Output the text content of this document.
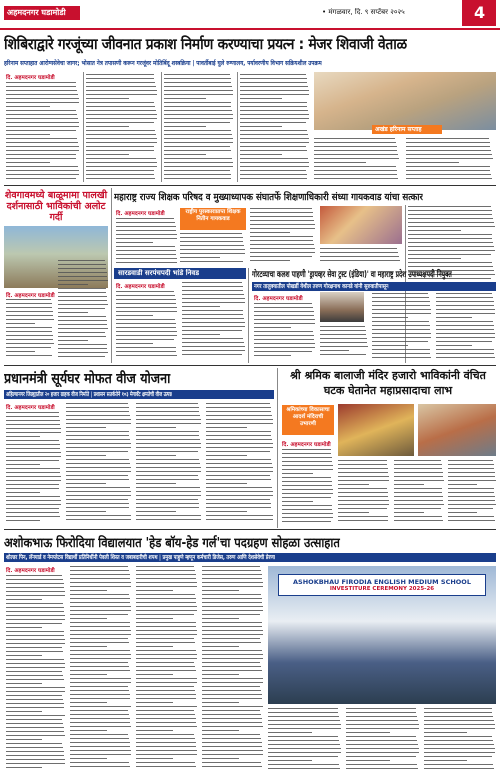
अहमदनगर घडामोडी	• मंगळवार, दि. ९ सप्टेंबर २०२५	4
शिबिराद्वारे गरजूंच्या जीवनात प्रकाश निर्माण करण्याचा प्रयत्न : मेजर शिवाजी वेताळ
हरिनाम सप्ताहात आरोग्यसेवेचा जागर; भोसात नेत्र तपासणी करून गरजूंवर मोतिबिंदू शस्त्रक्रिया | पावर्तीबाई घुले रुग्णालय, पर्यावरणीय विभाग सक्रियशील उपक्रम
दि. अहमदनगर घडामोडी
अखंड हरिनाम सप्ताह
शेवगावमध्ये बाळूमामा पालखी दर्शनासाठी भाविकांची अलोट गर्दी
दि. अहमदनगर घडामोडी
महाराष्ट्र राज्य शिक्षक परिषद व मुख्याध्यापक संघातर्फे शिक्षणाधिकारी संध्या गायकवाड यांचा सत्कार
दि. अहमदनगर घडामोडी	राष्ट्रीय पुरस्काराप्राप्त शिक्षक नितीन गायकवाड
सारडवाडी सरपंचपदी भांडे निवड
दि. अहमदनगर घडामोडी
गोरटव्याचा कलश पाहणी 'ड्रायव्हर सेवा ट्रस्ट (इंडिया)' वा महाराष्ट्र प्रदेश उपाध्यक्षपदी नियुक्त
नगर तालुक्यातील पोखर्डी येथील तरुण गोरक्षनाथ कानडे यांनी सुरुवातीपासून
दि. अहमदनगर घडामोडी
प्रधानमंत्री सूर्यघर मोफत वीज योजना
अहिल्यानगर जिल्ह्यातील २० हजार ग्राहक वीज निर्माते | प्रशासन सतर्कतेने १०३ मेगावॅट क्षमतेची वीज उत्पन्न
दि. अहमदनगर घडामोडी
श्री श्रमिक बालाजी मंदिर हजारो भाविकांनी वंचित घटक घेतानेत महाप्रसादाचा लाभ
श्रमिकांच्या विकासाचा आदर्श मंदिराची उभारणी
दि. अहमदनगर घडामोडी
अशोकभाऊ फिरोदिया विद्यालयात 'हेड बॉय-हेड गर्ल'चा पदग्रहण सोहळा उत्साहात
शोल्डर पिन, लॅनयार्ड व नेमप्लेटस विद्यार्थी प्रतिनिधींनी पेवली शिस्त व जबाबदारीची शपथ | प्रमुख पाहुणे म्हणून कर्मचारी डिजेस, तरुण आणि देशसेवेची प्रेरणा
दि. अहमदनगर घडामोडी
ASHOKBHAU FIRODIA ENGLISH MEDIUM SCHOOL
INVESTITURE CEREMONY 2025-26
